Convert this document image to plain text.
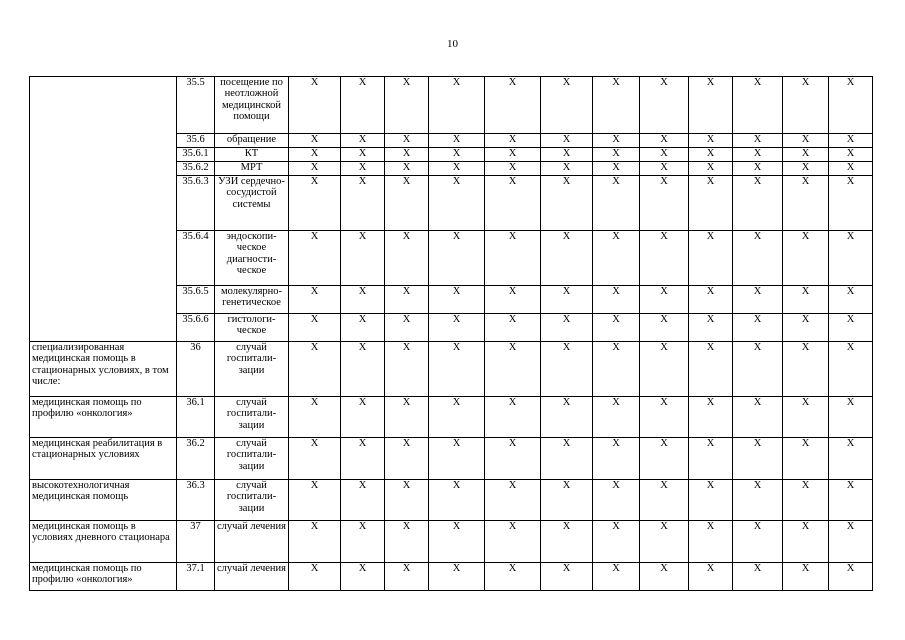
10
	35.5	посещение по неотложной медицинской помощи	X	X	X	X	X	X	X	X	X	X	X	X
	35.6	обращение	X	X	X	X	X	X	X	X	X	X	X	X
	35.6.1	КТ	X	X	X	X	X	X	X	X	X	X	X	X
	35.6.2	МРТ	X	X	X	X	X	X	X	X	X	X	X	X
	35.6.3	УЗИ сердечно-сосудистой системы	X	X	X	X	X	X	X	X	X	X	X	X
	35.6.4	эндоскопи-ческое диагности-ческое	X	X	X	X	X	X	X	X	X	X	X	X
	35.6.5	молекулярно-генетическое	X	X	X	X	X	X	X	X	X	X	X	X
	35.6.6	гистологи-ческое	X	X	X	X	X	X	X	X	X	X	X	X
специализированная медицинская помощь в стационарных условиях, в том числе:	36	случай госпитали-зации	X	X	X	X	X	X	X	X	X	X	X	X
медицинская помощь по профилю «онкология»	36.1	случай госпитали-зации	X	X	X	X	X	X	X	X	X	X	X	X
медицинская реабилитация в стационарных условиях	36.2	случай госпитали-зации	X	X	X	X	X	X	X	X	X	X	X	X
высокотехнологичная медицинская помощь	36.3	случай госпитали-зации	X	X	X	X	X	X	X	X	X	X	X	X
медицинская помощь в условиях дневного стационара	37	случай лечения	X	X	X	X	X	X	X	X	X	X	X	X
медицинская помощь по профилю «онкология»	37.1	случай лечения	X	X	X	X	X	X	X	X	X	X	X	X
